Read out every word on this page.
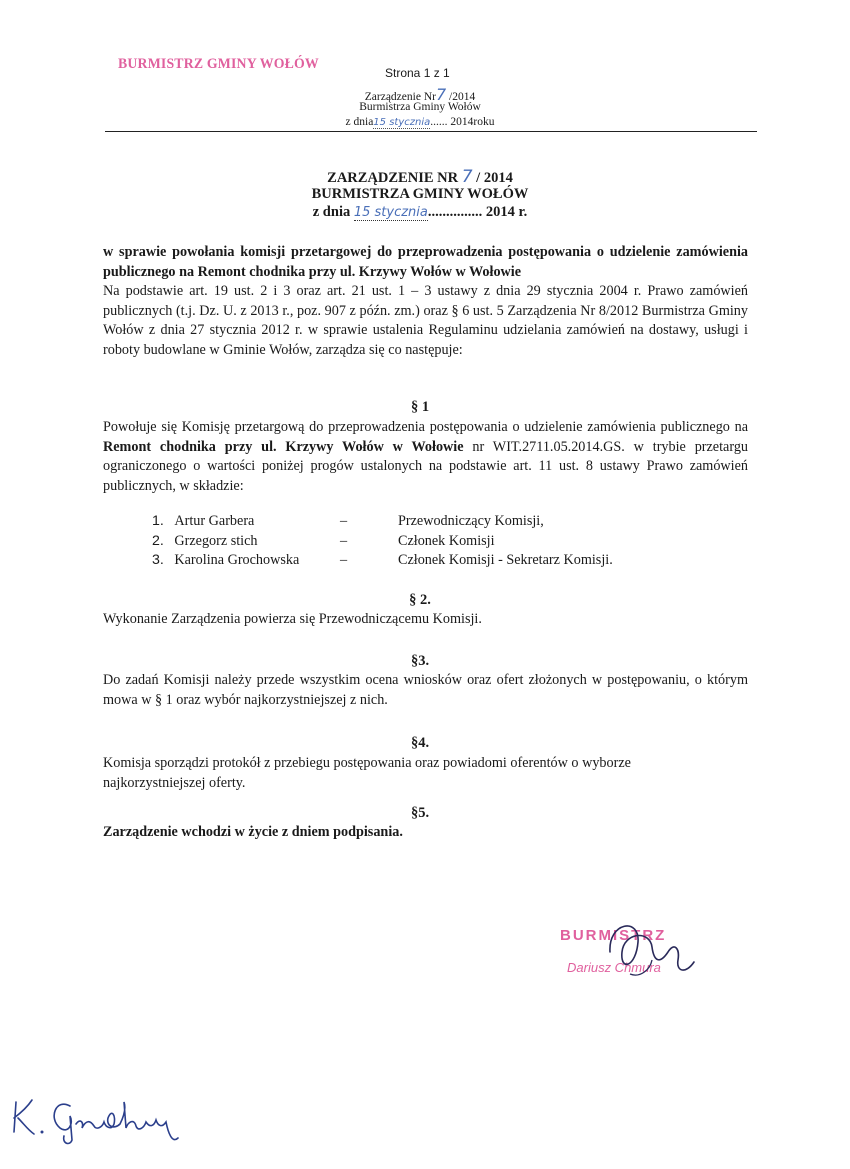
BURMISTRZ GMINY WOŁÓW
Strona 1 z 1
Zarządzenie Nr7 /2014
Burmistrza Gminy Wołów
z dnia15 stycznia...... 2014roku
ZARZĄDZENIE NR 7 / 2014
BURMISTRZA GMINY WOŁÓW
z dnia 15 stycznia............... 2014 r.
w sprawie powołania komisji przetargowej do przeprowadzenia postępowania o udzielenie zamówienia publicznego na Remont chodnika przy ul. Krzywy Wołów w Wołowie
Na podstawie art. 19 ust. 2 i 3 oraz art. 21 ust. 1 – 3 ustawy z dnia 29 stycznia 2004 r. Prawo zamówień publicznych (t.j. Dz. U. z 2013 r., poz. 907 z późn. zm.) oraz § 6 ust. 5 Zarządzenia Nr 8/2012 Burmistrza Gminy Wołów z dnia 27 stycznia 2012 r. w sprawie ustalenia Regulaminu udzielania zamówień na dostawy, usługi i roboty budowlane w Gminie Wołów, zarządza się co następuje:
§ 1
Powołuje się Komisję przetargową do przeprowadzenia postępowania o udzielenie zamówienia publicznego na Remont chodnika przy ul. Krzywy Wołów w Wołowie nr WIT.2711.05.2014.GS. w trybie przetargu ograniczonego o wartości poniżej progów ustalonych na podstawie art. 11 ust. 8 ustawy Prawo zamówień publicznych, w składzie:
1. Artur Garbera	–	Przewodniczący Komisji,
2. Grzegorz stich	–	Członek Komisji
3. Karolina Grochowska	–	Członek Komisji - Sekretarz Komisji.
§ 2.
Wykonanie Zarządzenia powierza się Przewodniczącemu Komisji.
§3.
Do zadań Komisji należy przede wszystkim ocena wniosków oraz ofert złożonych w postępowaniu, o którym mowa w § 1 oraz wybór najkorzystniejszej z nich.
§4.
Komisja sporządzi protokół z przebiegu postępowania oraz powiadomi oferentów o wyborze najkorzystniejszej oferty.
§5.
Zarządzenie wchodzi w życie z dniem podpisania.
BURMISTRZ
Dariusz Chmura
